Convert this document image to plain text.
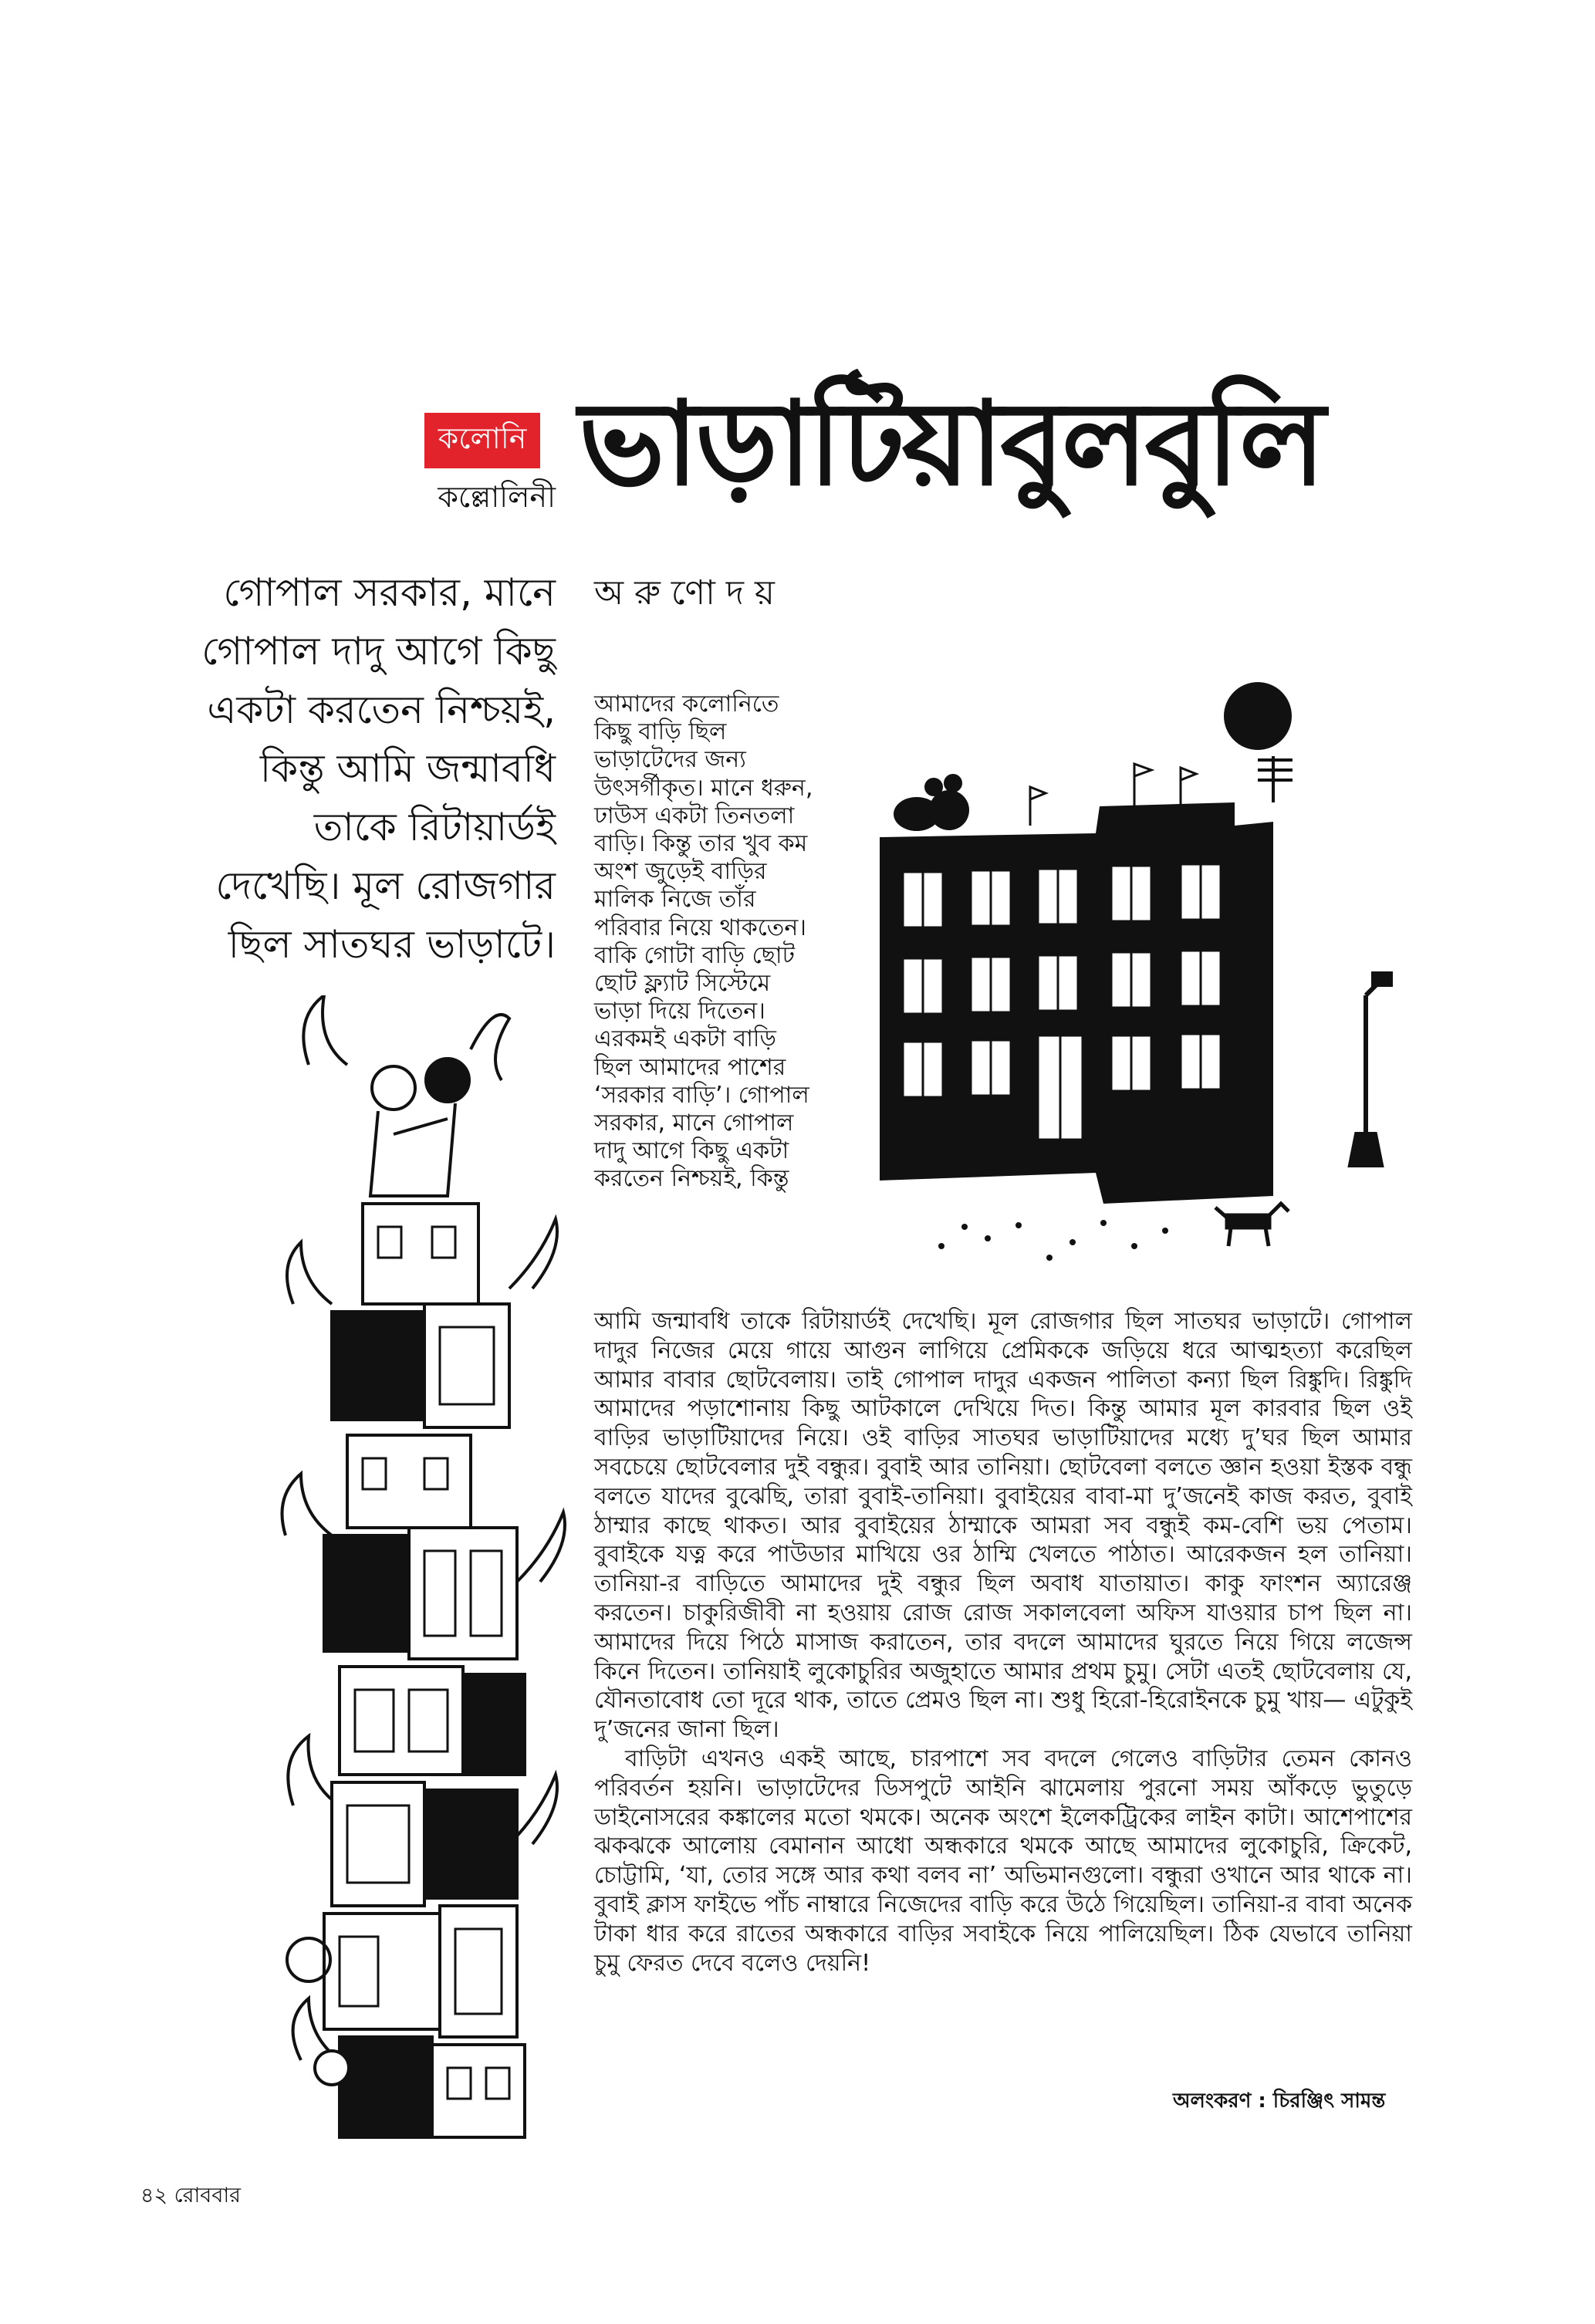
কলোনি
কল্লোলিনী ভাড়াটিয়াবুলবুলি
অরুণোদয়

গোপাল সরকার, মানে

গোপাল দাদু আগে কিছু

একটা করতেন নিশ্চয়ই,

কিন্তু আমি জন্মাবধি

তাকে রিটায়ার্ডই

দেখেছি। মূল রোজগার

ছিল সাতঘর ভাড়াটে।

আমাদের কলোনিতে

কিছু বাড়ি ছিল

ভাড়াটেদের জন্য

উৎসর্গীকৃত। মানে ধরুন,

ঢাউস একটা তিনতলা

বাড়ি। কিন্তু তার খুব কম

অংশ জুড়েই বাড়ির

মালিক নিজে তাঁর

পরিবার নিয়ে থাকতেন।

বাকি গোটা বাড়ি ছোট

ছোট ফ্ল্যাট সিস্টেমে

ভাড়া দিয়ে দিতেন।

এরকমই একটা বাড়ি

ছিল আমাদের পাশের

‘সরকার বাড়ি’। গোপাল

সরকার, মানে গোপাল

দাদু আগে কিছু একটা

করতেন নিশ্চয়ই, কিন্তু

আমি জন্মাবধি তাকে রিটায়ার্ডই দেখেছি। মূল রোজগার ছিল সাতঘর ভাড়াটে। গোপাল দাদুর নিজের মেয়ে গায়ে আগুন লাগিয়ে প্রেমিককে জড়িয়ে ধরে আত্মহত্যা করেছিল আমার বাবার ছোটবেলায়। তাই গোপাল দাদুর একজন পালিতা কন্যা ছিল রিঙ্কুদি। রিঙ্কুদি আমাদের পড়াশোনায় কিছু আটকালে দেখিয়ে দিত। কিন্তু আমার মূল কারবার ছিল ওই বাড়ির ভাড়াটিয়াদের নিয়ে। ওই বাড়ির সাতঘর ভাড়াটিয়াদের মধ্যে দু’ঘর ছিল আমার সবচেয়ে ছোটবেলার দুই বন্ধুর। বুবাই আর তানিয়া। ছোটবেলা বলতে জ্ঞান হওয়া ইস্তক বন্ধু বলতে যাদের বুঝেছি, তারা বুবাই-তানিয়া। বুবাইয়ের বাবা-মা দু’জনেই কাজ করত, বুবাই ঠাম্মার কাছে থাকত। আর বুবাইয়ের ঠাম্মাকে আমরা সব বন্ধুই কম-বেশি ভয় পেতাম। বুবাইকে যত্ন করে পাউডার মাখিয়ে ওর ঠাম্মি খেলতে পাঠাত। আরেকজন হল তানিয়া। তানিয়া-র বাড়িতে আমাদের দুই বন্ধুর ছিল অবাধ যাতায়াত। কাকু ফাংশন অ্যারেঞ্জ করতেন। চাকুরিজীবী না হওয়ায় রোজ রোজ সকালবেলা অফিস যাওয়ার চাপ ছিল না। আমাদের দিয়ে পিঠে মাসাজ করাতেন, তার বদলে আমাদের ঘুরতে নিয়ে গিয়ে লজেন্স কিনে দিতেন। তানিয়াই লুকোচুরির অজুহাতে আমার প্রথম চুমু। সেটা এতই ছোটবেলায় যে, যৌনতাবোধ তো দূরে থাক, তাতে প্রেমও ছিল না। শুধু হিরো-হিরোইনকে চুমু খায়— এটুকুই দু’জনের জানা ছিল।

বাড়িটা এখনও একই আছে, চারপাশে সব বদলে গেলেও বাড়িটার তেমন কোনও পরিবর্তন হয়নি। ভাড়াটেদের ডিসপুটে আইনি ঝামেলায় পুরনো সময় আঁকড়ে ভুতুড়ে ডাইনোসরের কঙ্কালের মতো থমকে। অনেক অংশে ইলেকট্রিকের লাইন কাটা। আশেপাশের ঝকঝকে আলোয় বেমানান আধো অন্ধকারে থমকে আছে আমাদের লুকোচুরি, ক্রিকেট, চোট্টামি, ‘যা, তোর সঙ্গে আর কথা বলব না’ অভিমানগুলো। বন্ধুরা ওখানে আর থাকে না। বুবাই ক্লাস ফাইভে পাঁচ নাম্বারে নিজেদের বাড়ি করে উঠে গিয়েছিল। তানিয়া-র বাবা অনেক টাকা ধার করে রাতের অন্ধকারে বাড়ির সবাইকে নিয়ে পালিয়েছিল। ঠিক যেভাবে তানিয়া চুমু ফেরত দেবে বলেও দেয়নি!

অলংকরণ : চিরঞ্জিৎ সামন্ত
৪২ রোববার
